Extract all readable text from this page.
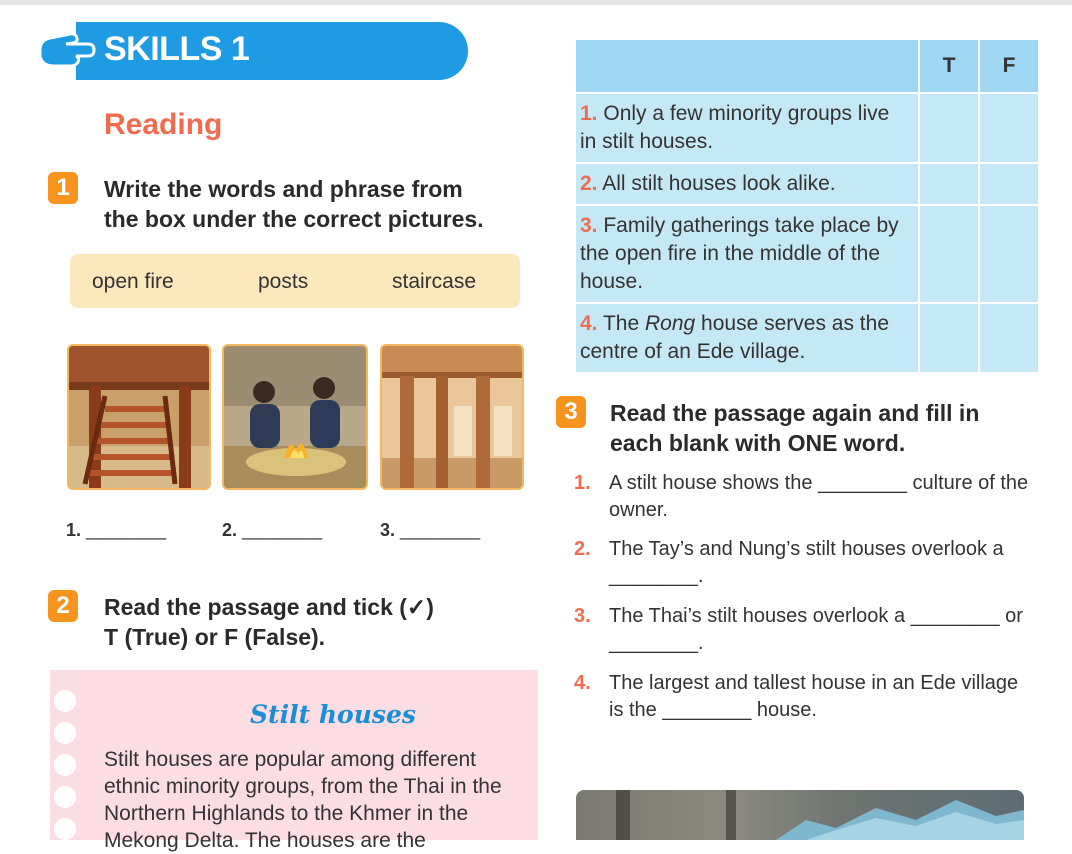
SKILLS 1
Reading
1	Write the words and phrase from
the box under the correct pictures.
open fire	posts	staircase
1. ________	2. ________	3. ________
2	Read the passage and tick (✓)
T (True) or F (False).
Stilt houses
Stilt houses are popular among different ethnic minority groups, from the Thai in the Northern Highlands to the Khmer in the Mekong Delta. The houses are the
	T	F
1. Only a few minority groups live in stilt houses.		
2. All stilt houses look alike.		
3. Family gatherings take place by the open fire in the middle of the house.		
4. The Rong house serves as the centre of an Ede village.		
3	Read the passage again and fill in
each blank with ONE word.
1. A stilt house shows the ________ culture of the owner.
2. The Tay’s and Nung’s stilt houses overlook a ________.
3. The Thai’s stilt houses overlook a ________ or ________.
4. The largest and tallest house in an Ede village is the ________ house.
